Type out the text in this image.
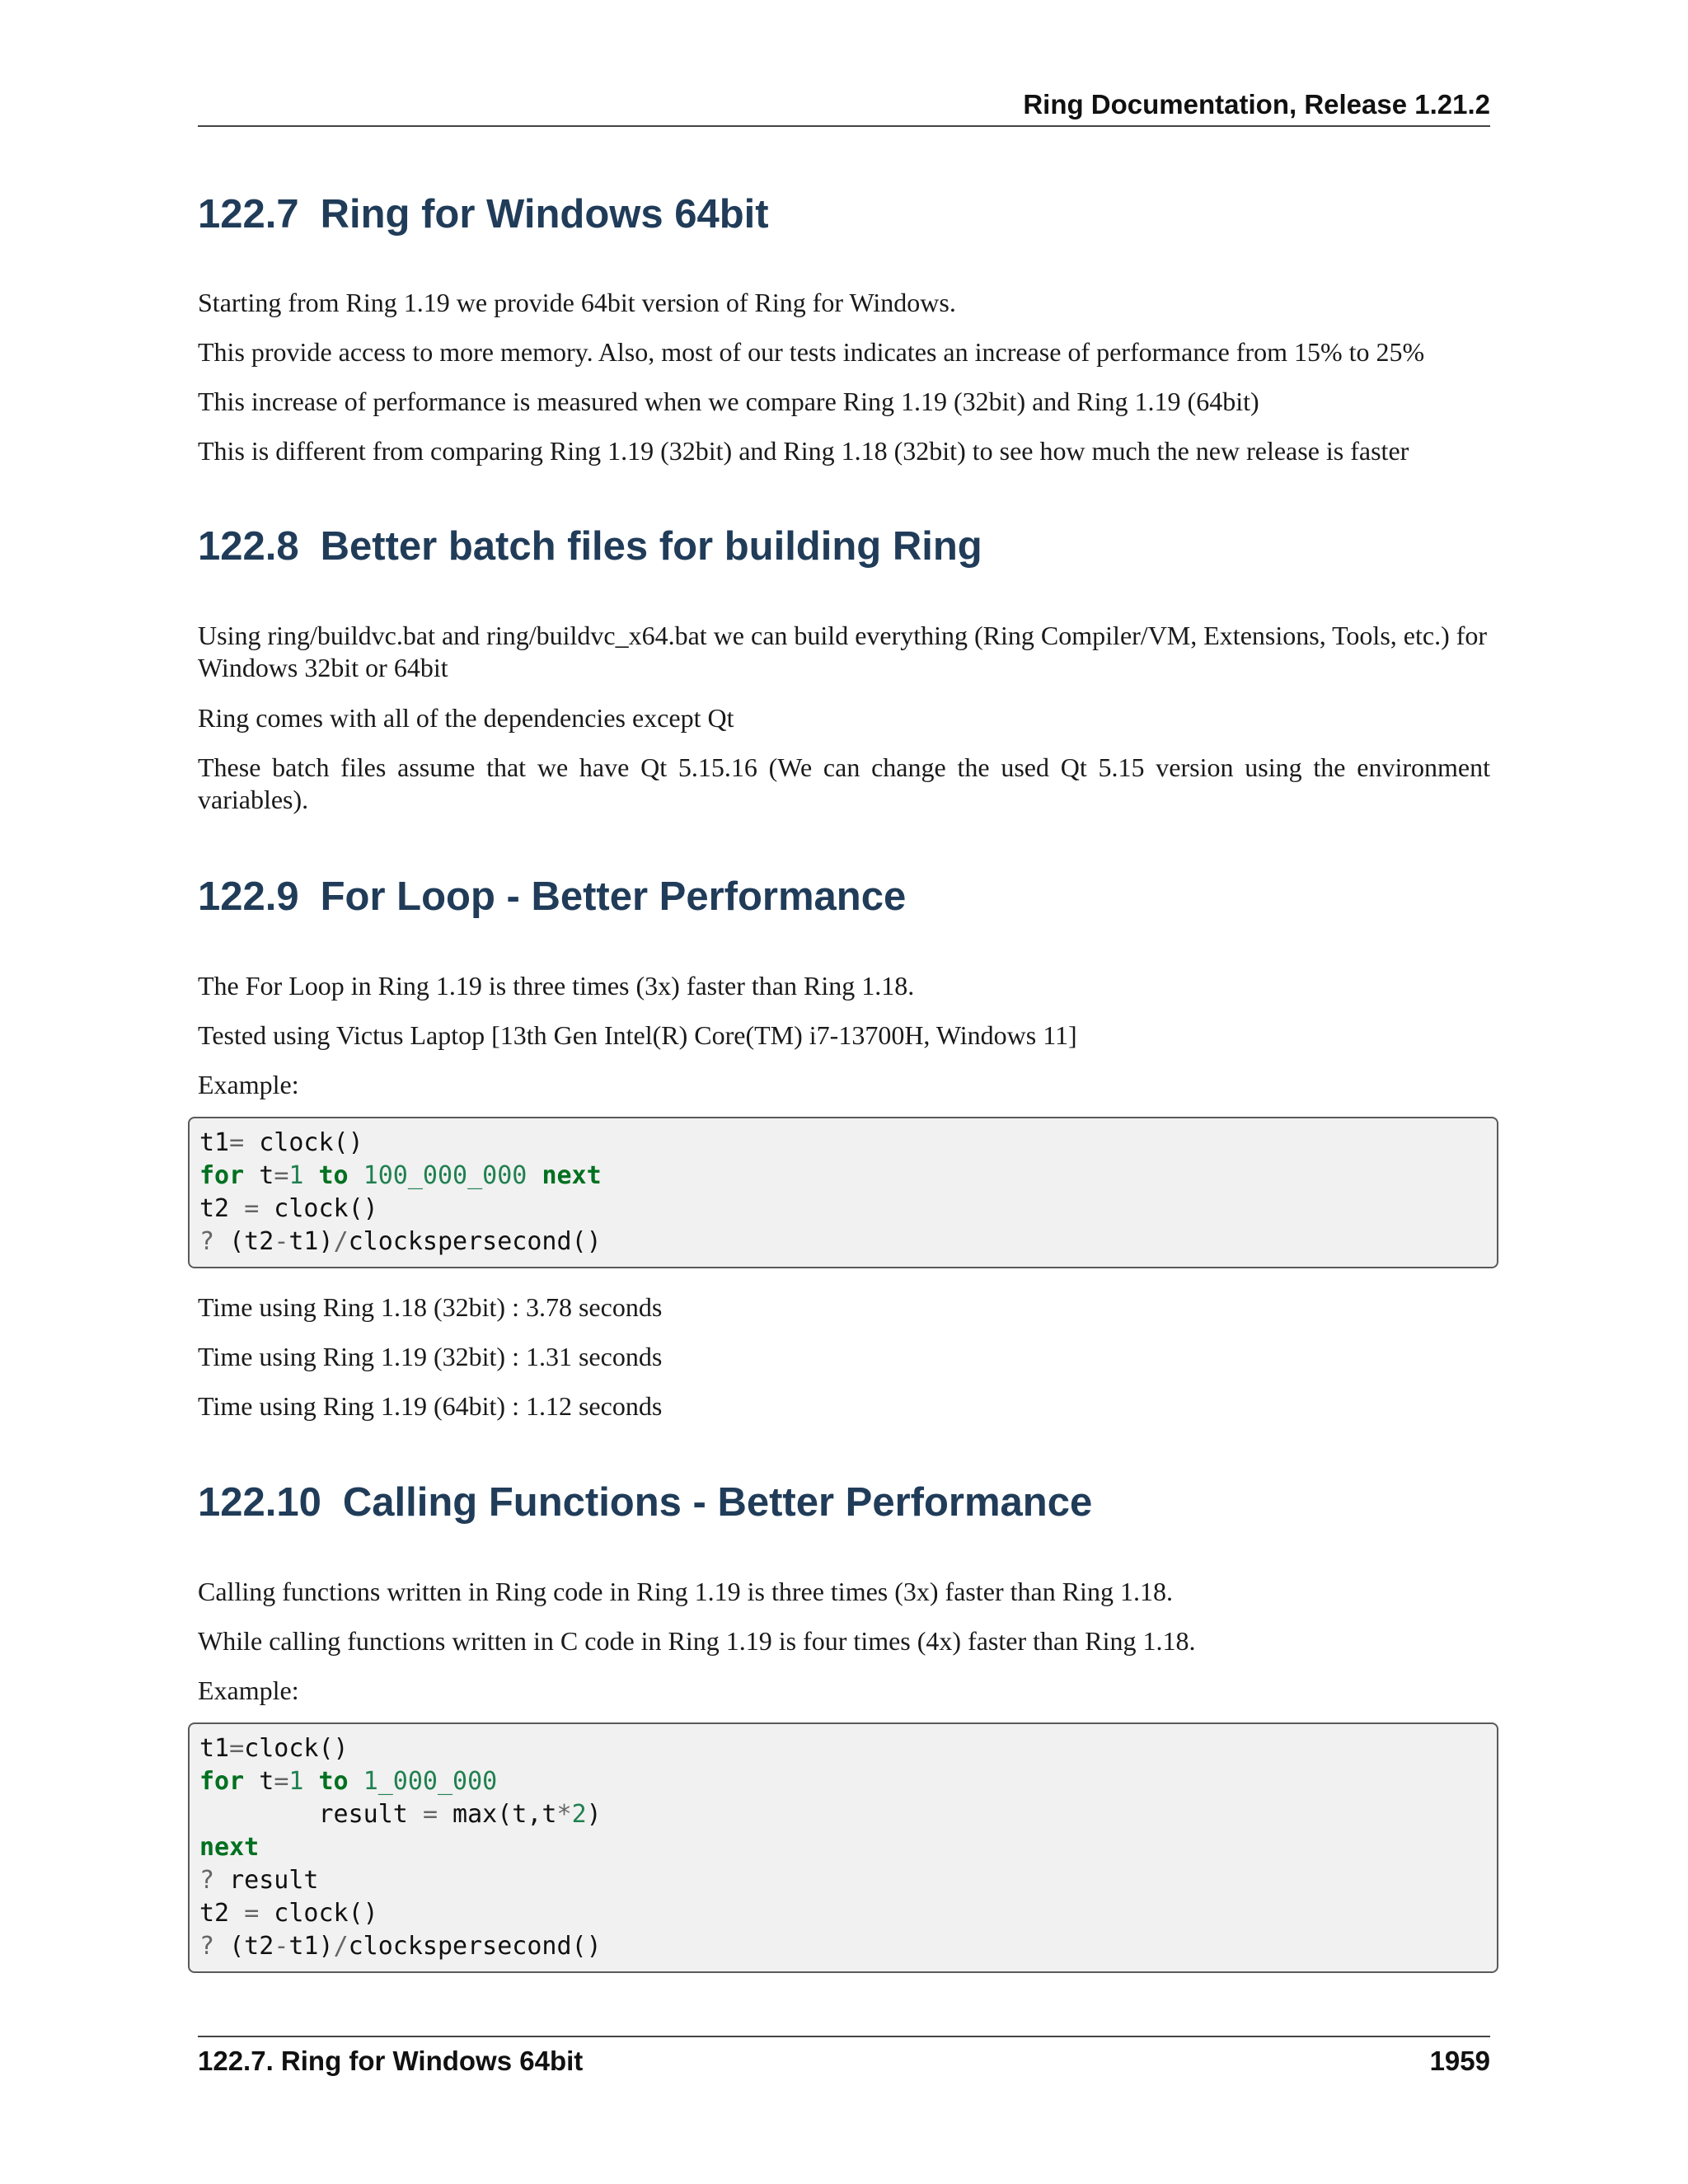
Ring Documentation, Release 1.21.2
122.7 Ring for Windows 64bit

Starting from Ring 1.19 we provide 64bit version of Ring for Windows.

This provide access to more memory. Also, most of our tests indicates an increase of performance from 15% to 25%

This increase of performance is measured when we compare Ring 1.19 (32bit) and Ring 1.19 (64bit)

This is different from comparing Ring 1.19 (32bit) and Ring 1.18 (32bit) to see how much the new release is faster

122.8 Better batch files for building Ring

Using ring/buildvc.bat and ring/buildvc_x64.bat we can build everything (Ring Compiler/VM, Extensions, Tools, etc.) for Windows 32bit or 64bit

Ring comes with all of the dependencies except Qt

These batch files assume that we have Qt 5.15.16 (We can change the used Qt 5.15 version using the environment variables).

122.9 For Loop - Better Performance

The For Loop in Ring 1.19 is three times (3x) faster than Ring 1.18.

Tested using Victus Laptop [13th Gen Intel(R) Core(TM) i7-13700H, Windows 11]

Example:

t1= clock()
for t=1 to 100_000_000 next
t2 = clock()
? (t2-t1)/clockspersecond()

Time using Ring 1.18 (32bit) : 3.78 seconds

Time using Ring 1.19 (32bit) : 1.31 seconds

Time using Ring 1.19 (64bit) : 1.12 seconds

122.10 Calling Functions - Better Performance

Calling functions written in Ring code in Ring 1.19 is three times (3x) faster than Ring 1.18.

While calling functions written in C code in Ring 1.19 is four times (4x) faster than Ring 1.18.

Example:

t1=clock()
for t=1 to 1_000_000
result = max(t,t*2)
next
? result
t2 = clock()
? (t2-t1)/clockspersecond()
122.7. Ring for Windows 64bit	1959
